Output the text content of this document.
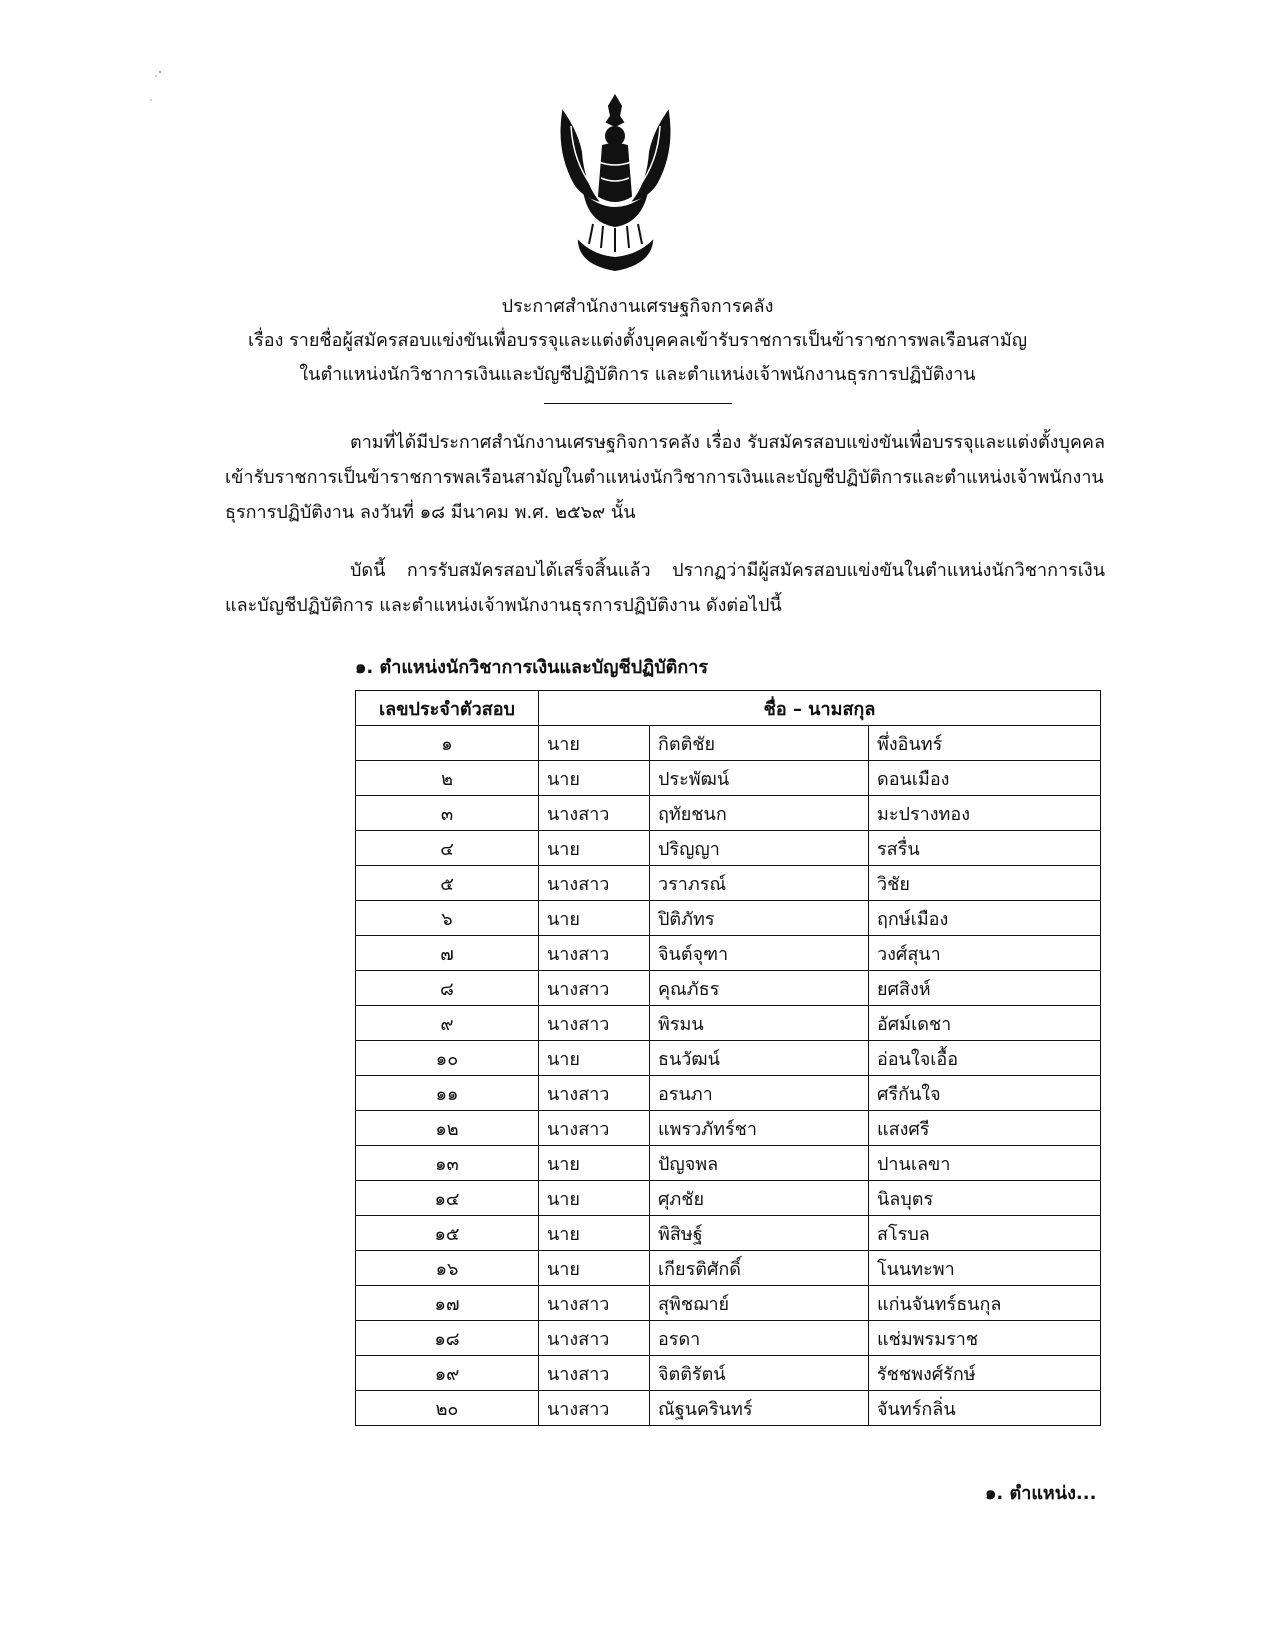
ประกาศสำนักงานเศรษฐกิจการคลัง
เรื่อง รายชื่อผู้สมัครสอบแข่งขันเพื่อบรรจุและแต่งตั้งบุคคลเข้ารับราชการเป็นข้าราชการพลเรือนสามัญ
ในตำแหน่งนักวิชาการเงินและบัญชีปฏิบัติการ และตำแหน่งเจ้าพนักงานธุรการปฏิบัติงาน
ตามที่ได้มีประกาศสำนักงานเศรษฐกิจการคลัง เรื่อง รับสมัครสอบแข่งขันเพื่อบรรจุและแต่งตั้งบุคคลเข้ารับราชการเป็นข้าราชการพลเรือนสามัญในตำแหน่งนักวิชาการเงินและบัญชีปฏิบัติการและตำแหน่งเจ้าพนักงานธุรการปฏิบัติงาน ลงวันที่ ๑๘ มีนาคม พ.ศ. ๒๕๖๙ นั้น
บัดนี้ การรับสมัครสอบได้เสร็จสิ้นแล้ว ปรากฏว่ามีผู้สมัครสอบแข่งขันในตำแหน่งนักวิชาการเงินและบัญชีปฏิบัติการ และตำแหน่งเจ้าพนักงานธุรการปฏิบัติงาน ดังต่อไปนี้
๑. ตำแหน่งนักวิชาการเงินและบัญชีปฏิบัติการ
เลขประจำตัวสอบ	ชื่อ – นามสกุล		
๑	นาย	กิตติชัย	พึ่งอินทร์
๒	นาย	ประพัฒน์	ดอนเมือง
๓	นางสาว	ฤทัยชนก	มะปรางทอง
๔	นาย	ปริญญา	รสรื่น
๕	นางสาว	วราภรณ์	วิชัย
๖	นาย	ปิติภัทร	ฤกษ์เมือง
๗	นางสาว	จินต์จุฑา	วงศ์สุนา
๘	นางสาว	คุณภัธร	ยศสิงห์
๙	นางสาว	พิรมน	อัศม์เดชา
๑๐	นาย	ธนวัฒน์	อ่อนใจเอื้อ
๑๑	นางสาว	อรนภา	ศรีกันใจ
๑๒	นางสาว	แพรวภัทร์ชา	แสงศรี
๑๓	นาย	ปัญจพล	ปานเลขา
๑๔	นาย	ศุภชัย	นิลบุตร
๑๕	นาย	พิสิษฐ์	สโรบล
๑๖	นาย	เกียรติศักดิ์	โนนทะพา
๑๗	นางสาว	สุพิชฌาย์	แก่นจันทร์ธนกุล
๑๘	นางสาว	อรดา	แช่มพรมราช
๑๙	นางสาว	จิตติรัตน์	รัชชพงศ์รักษ์
๒๐	นางสาว	ณัฐนครินทร์	จันทร์กลิ่น
๑. ตำแหน่ง...
